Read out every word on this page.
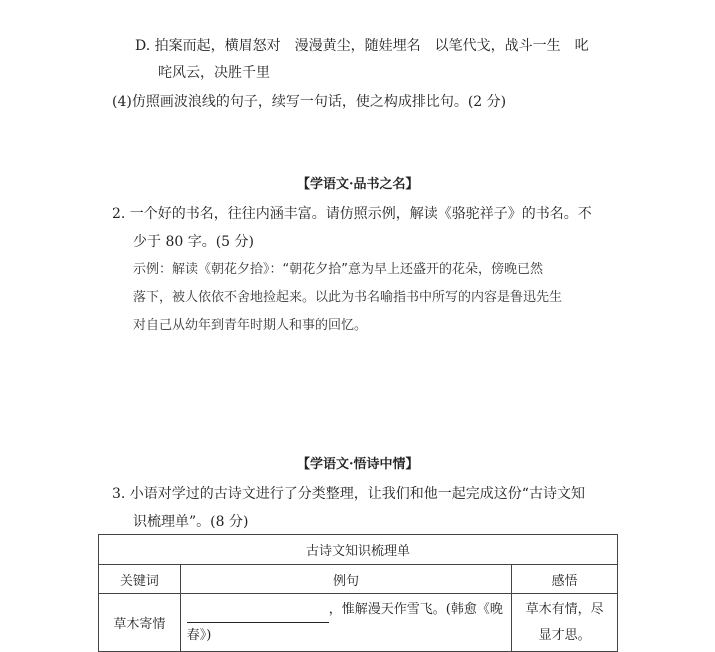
D. 拍案而起，横眉怒对　漫漫黄尘，随娃埋名　以笔代戈，战斗一生　叱
咤风云，决胜千里
(4)仿照画波浪线的句子，续写一句话，使之构成排比句。(2 分)
【学语文·品书之名】
2. 一个好的书名，往往内涵丰富。请仿照示例，解读《骆驼祥子》的书名。不
少于 80 字。(5 分)
示例：解读《朝花夕拾》：“朝花夕拾”意为早上还盛开的花朵，傍晚已然
落下，被人依依不舍地捡起来。以此为书名喻指书中所写的内容是鲁迅先生
对自己从幼年到青年时期人和事的回忆。
【学语文·悟诗中情】
3. 小语对学过的古诗文进行了分类整理，让我们和他一起完成这份“古诗文知
识梳理单”。(8 分)
古诗文知识梳理单		
关键词	例句	感悟
草木寄情	，惟解漫天作雪飞。(韩愈《晚
春》)	草木有情，尽
显才思。
